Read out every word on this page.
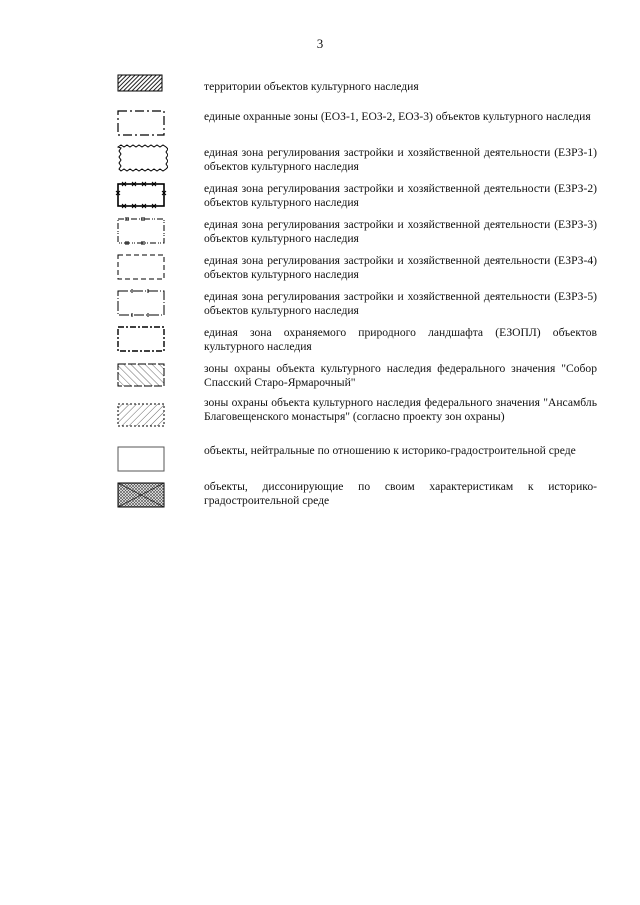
3
территории объектов культурного наследия
единые охранные зоны (ЕОЗ-1, ЕОЗ-2, ЕОЗ-3) объектов культурного наследия
единая зона регулирования застройки и хозяйственной деятельности (ЕЗРЗ-1) объектов культурного наследия
единая зона регулирования застройки и хозяйственной деятельности (ЕЗРЗ-2) объектов культурного наследия
единая зона регулирования застройки и хозяйственной деятельности (ЕЗРЗ-3) объектов культурного наследия
единая зона регулирования застройки и хозяйственной деятельности (ЕЗРЗ-4) объектов культурного наследия
единая зона регулирования застройки и хозяйственной деятельности (ЕЗРЗ-5) объектов культурного наследия
единая зона охраняемого природного ландшафта (ЕЗОПЛ) объектов культурного наследия
зоны охраны объекта культурного наследия федерального значения "Собор Спасский Старо-Ярмарочный"
зоны охраны объекта культурного наследия федерального значения "Ансамбль Благовещенского монастыря" (согласно проекту зон охраны)
объекты, нейтральные по отношению к историко-градостроительной среде
объекты, диссонирующие по своим характеристикам к историко-градостроительной среде
